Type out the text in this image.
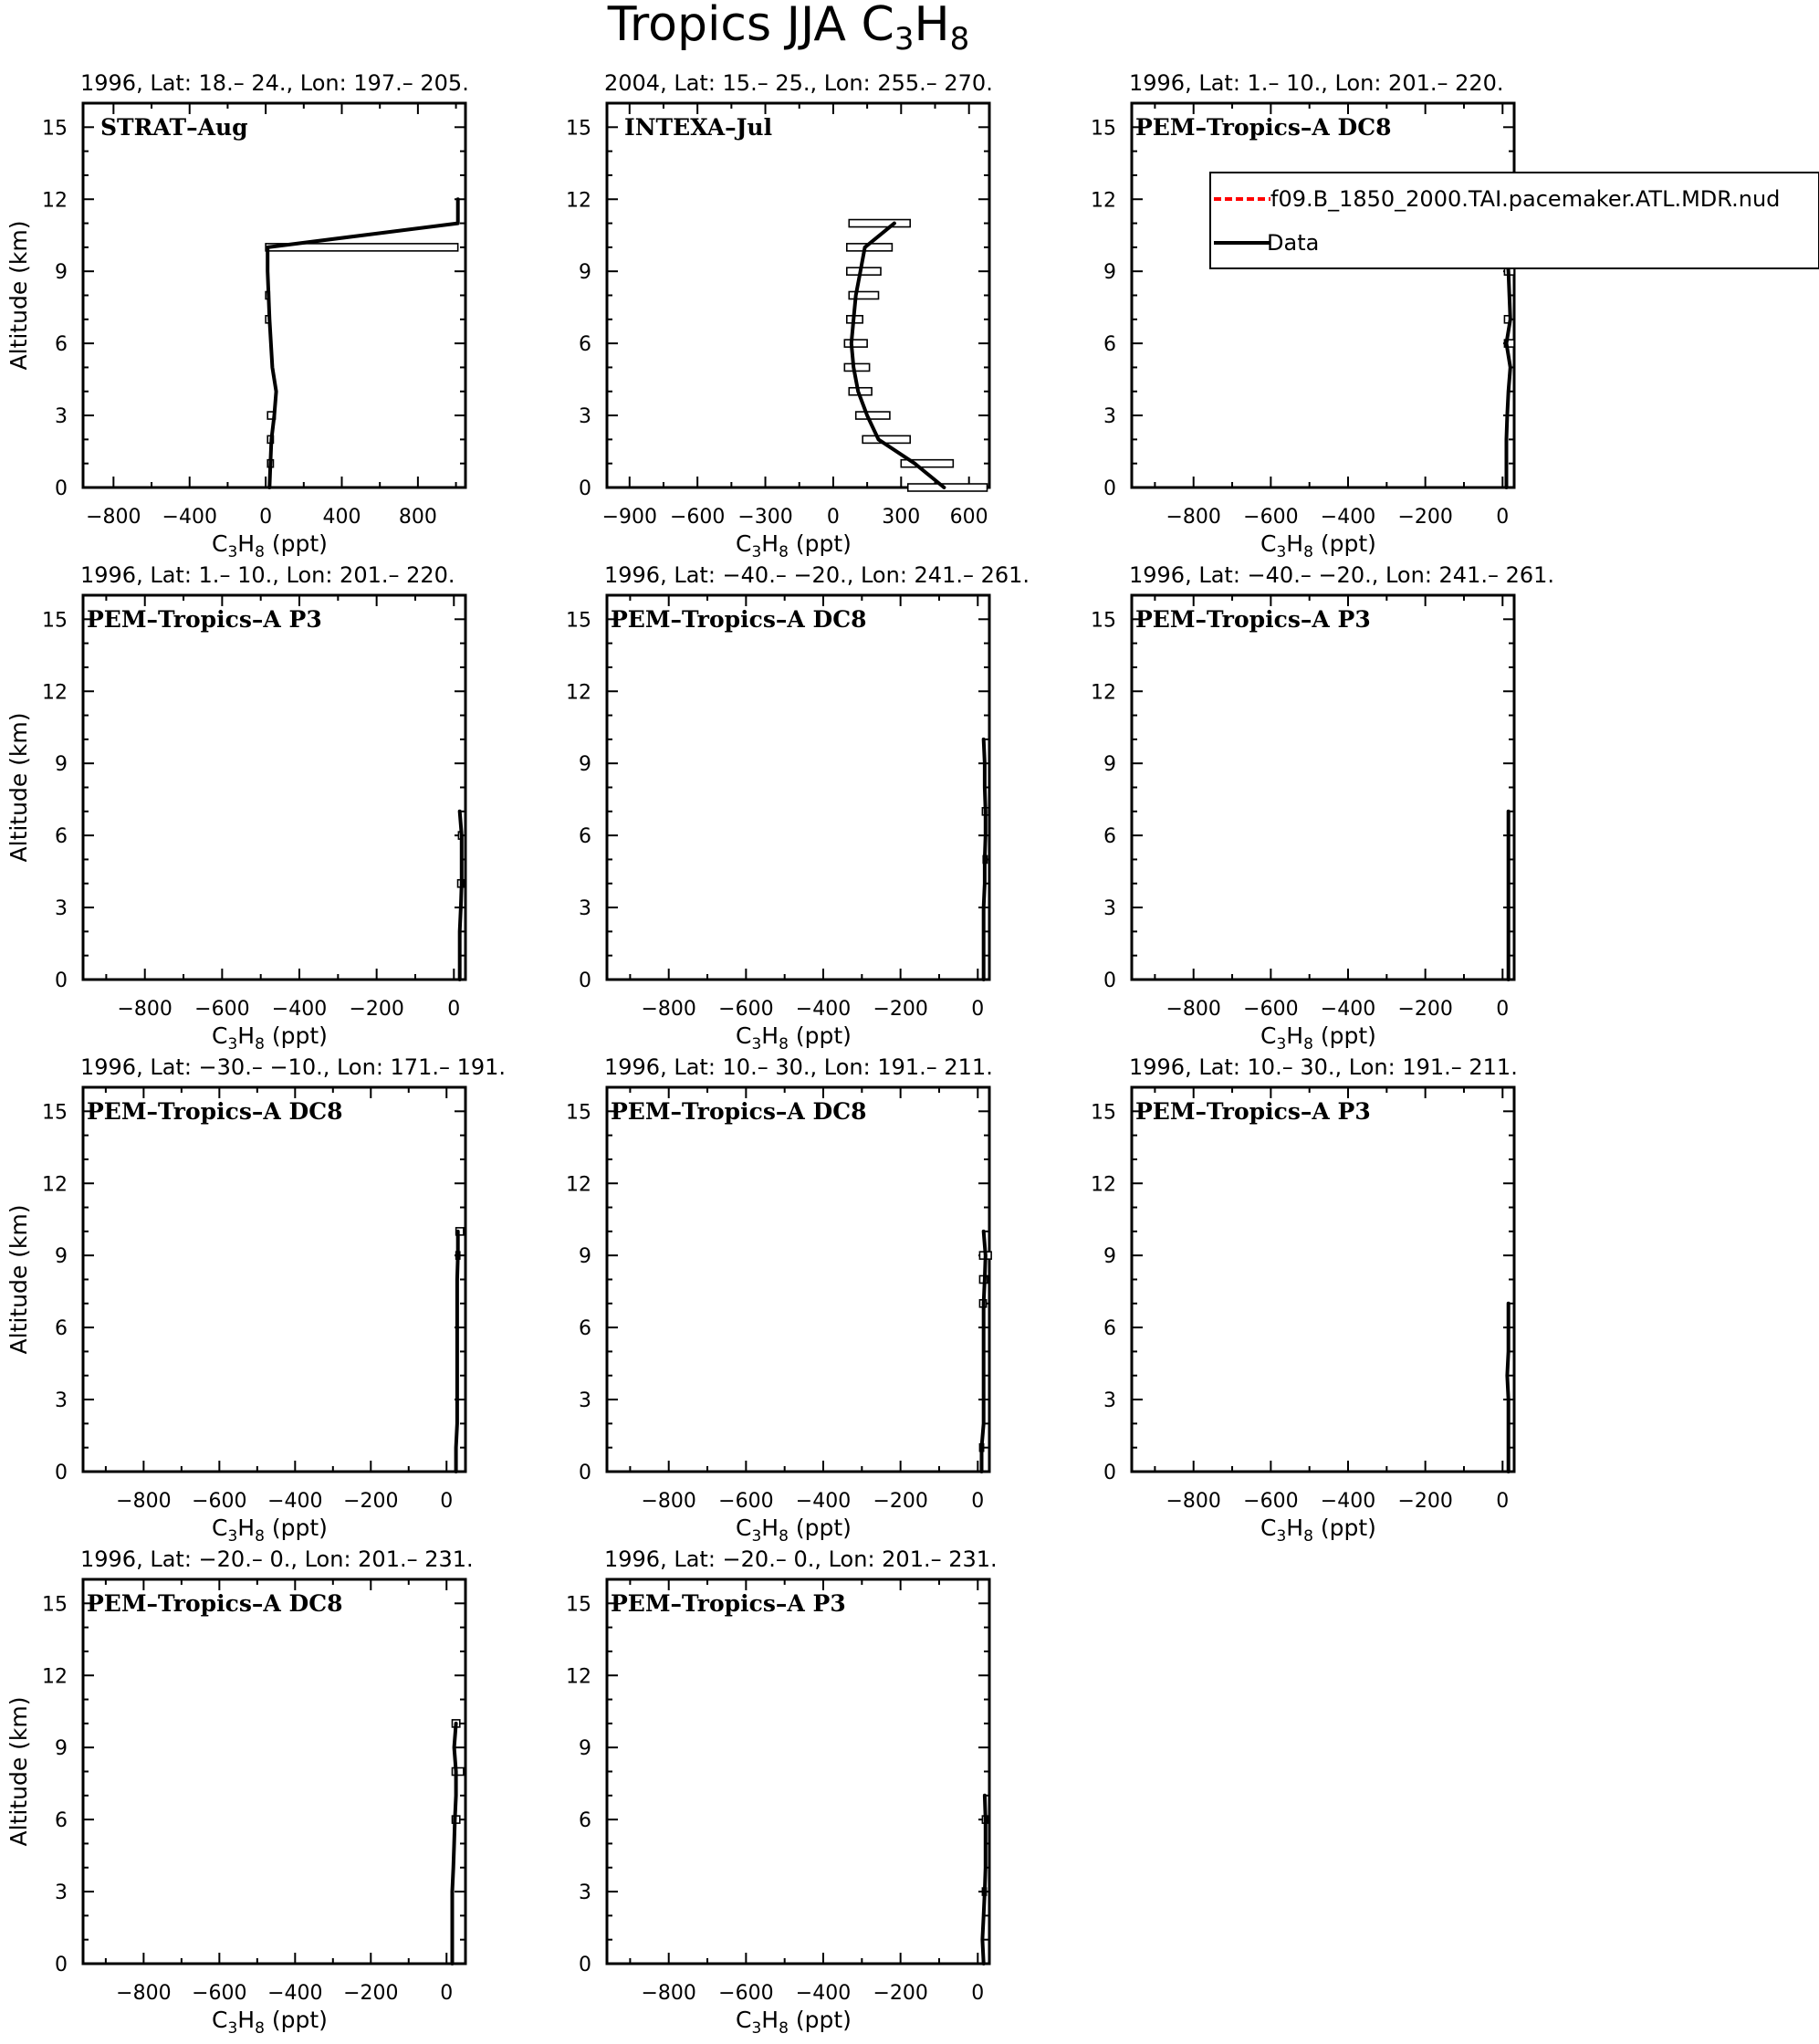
Tropics JJA C3H8
1996, Lat: 18.– 24., Lon: 197.– 205.
STRAT–Aug
0
3
6
9
12
15
−800 −400 0	400 800
$C_3H_8$ (ppt)
Altitude (km)
2004, Lat: 15.– 25., Lon: 255.– 270.
INTEXA–Jul
0
3
6
9
12
15
−900 −600 −300 0 300 600
$C_3H_8$ (ppt)
1996, Lat: 1.– 10., Lon: 201.– 220.
PEM–Tropics–A DC8
0
3
6
9
12
15
−800 −600 −400 −200 0
$C_3H_8$ (ppt)
1996, Lat: 1.– 10., Lon: 201.– 220.
PEM–Tropics–A P3
0
3
6
9
12
15
−800 −600 −400 −200 0
$C_3H_8$ (ppt)
Altitude (km)
1996, Lat: −40.– −20., Lon: 241.– 261.
PEM–Tropics–A DC8
0
3
6
9
12
15
−800 −600 −400 −200 0
$C_3H_8$ (ppt)
1996, Lat: −40.– −20., Lon: 241.– 261.
PEM–Tropics–A P3
0
3
6
9
12
15
−800 −600 −400 −200 0
$C_3H_8$ (ppt)
1996, Lat: −30.– −10., Lon: 171.– 191.
PEM–Tropics–A DC8
0
3
6
9
12
15
−800 −600 −400 −200 0
$C_3H_8$ (ppt)
Altitude (km)
1996, Lat: 10.– 30., Lon: 191.– 211.
PEM–Tropics–A DC8
0
3
6
9
12
15
−800 −600 −400 −200 0
$C_3H_8$ (ppt)
1996, Lat: 10.– 30., Lon: 191.– 211.
PEM–Tropics–A P3
0
3
6
9
12
15
−800 −600 −400 −200 0
$C_3H_8$ (ppt)
1996, Lat: −20.– 0., Lon: 201.– 231.
PEM–Tropics–A DC8
0
3
6
9
12
15
−800 −600 −400 −200 0
$C_3H_8$ (ppt)
Altitude (km)
1996, Lat: −20.– 0., Lon: 201.– 231.
PEM–Tropics–A P3
0
3
6
9
12
15
−800 −600 −400 −200 0
$C_3H_8$ (ppt)
f09.B_1850_2000.TAI.pacemaker.ATL.MDR.nud
Data
